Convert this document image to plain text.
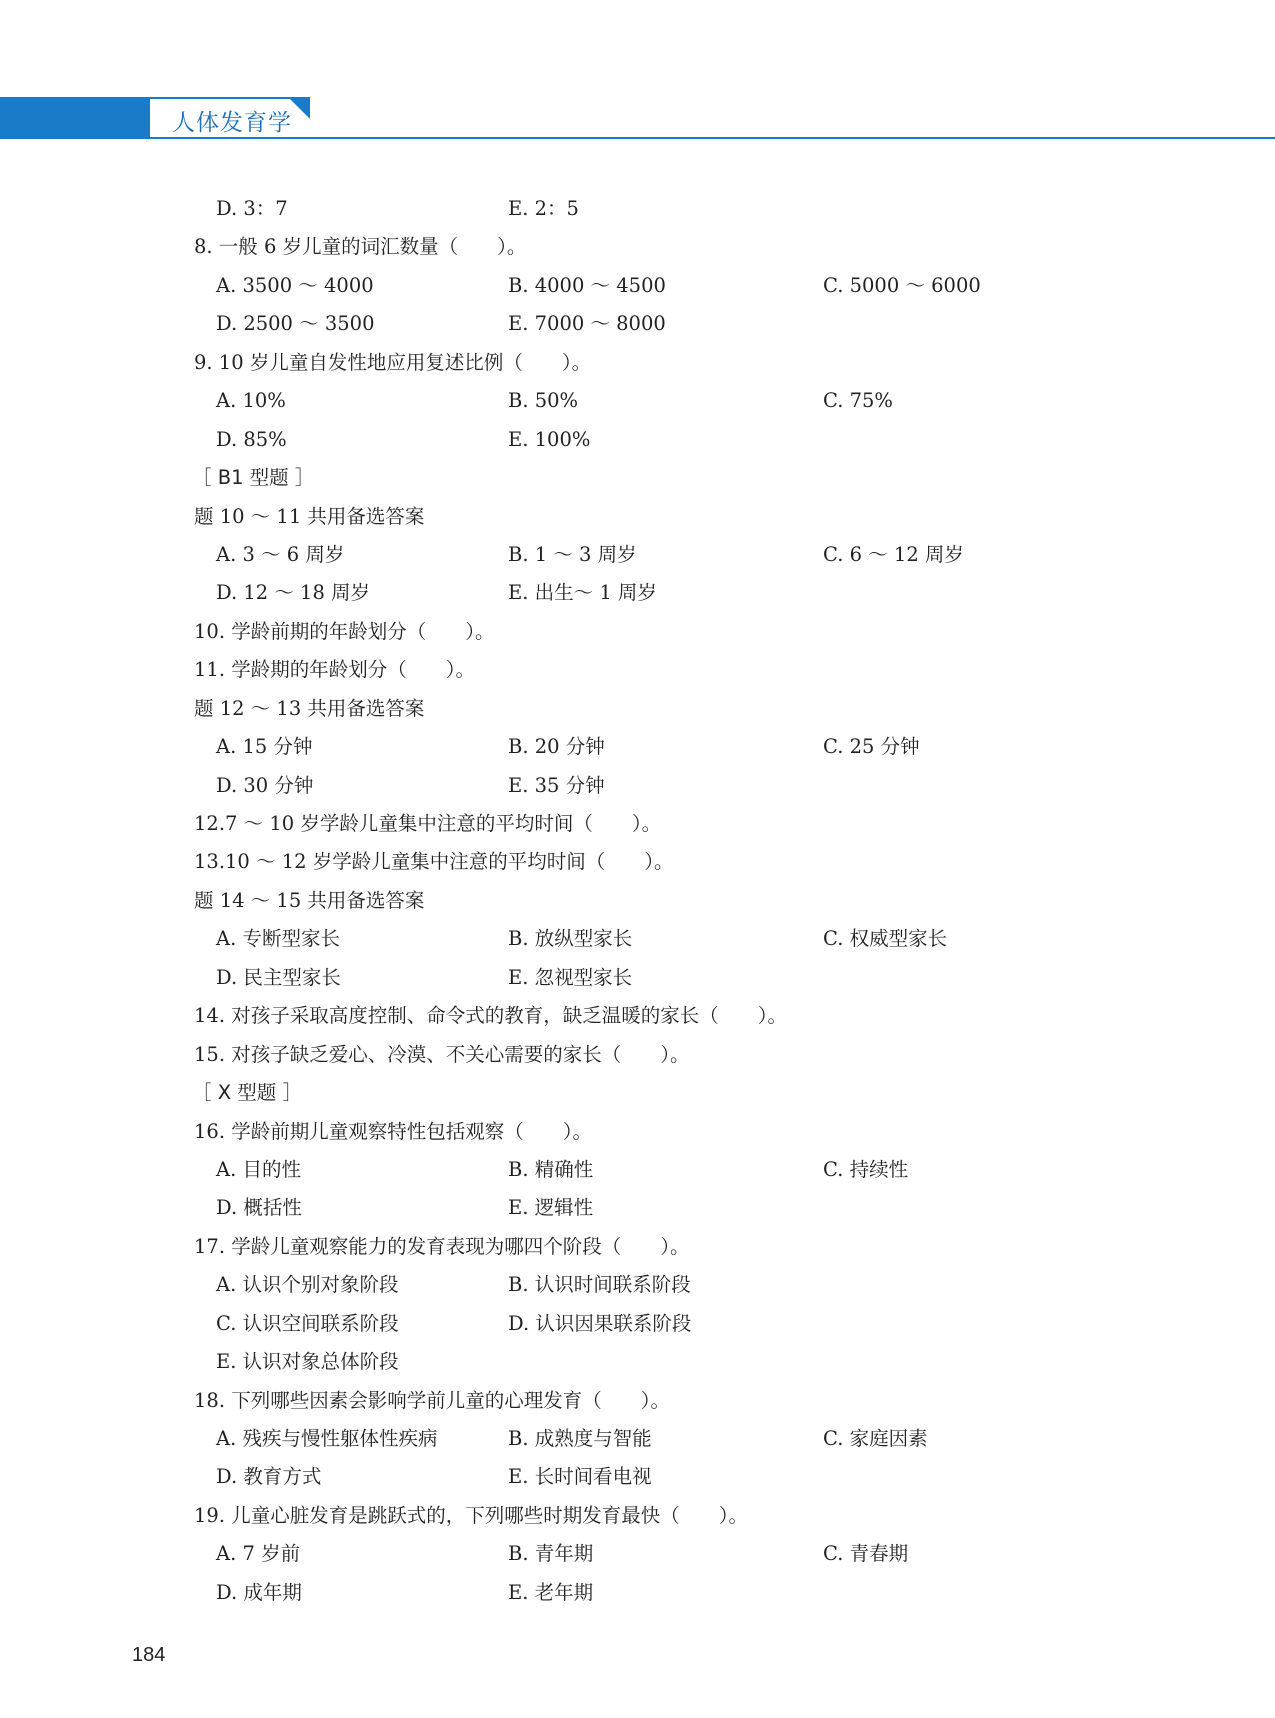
人体发育学
D. 3：7	E. 2：5
8. 一般 6 岁儿童的词汇数量（　　）。
A. 3500 ～ 4000	B. 4000 ～ 4500	C. 5000 ～ 6000
D. 2500 ～ 3500	E. 7000 ～ 8000
9. 10 岁儿童自发性地应用复述比例（　　）。
A. 10%	B. 50%	C. 75%
D. 85%	E. 100%
［ B1 型题 ］
题 10 ～ 11 共用备选答案
A. 3 ～ 6 周岁	B. 1 ～ 3 周岁	C. 6 ～ 12 周岁
D. 12 ～ 18 周岁	E. 出生～ 1 周岁
10. 学龄前期的年龄划分（　　）。
11. 学龄期的年龄划分（　　）。
题 12 ～ 13 共用备选答案
A. 15 分钟	B. 20 分钟	C. 25 分钟
D. 30 分钟	E. 35 分钟
12.7 ～ 10 岁学龄儿童集中注意的平均时间（　　）。
13.10 ～ 12 岁学龄儿童集中注意的平均时间（　　）。
题 14 ～ 15 共用备选答案
A. 专断型家长	B. 放纵型家长	C. 权威型家长
D. 民主型家长	E. 忽视型家长
14. 对孩子采取高度控制、命令式的教育，缺乏温暖的家长（　　）。
15. 对孩子缺乏爱心、冷漠、不关心需要的家长（　　）。
［ X 型题 ］
16. 学龄前期儿童观察特性包括观察（　　）。
A. 目的性	B. 精确性	C. 持续性
D. 概括性	E. 逻辑性
17. 学龄儿童观察能力的发育表现为哪四个阶段（　　）。
A. 认识个别对象阶段	B. 认识时间联系阶段
C. 认识空间联系阶段	D. 认识因果联系阶段
E. 认识对象总体阶段
18. 下列哪些因素会影响学前儿童的心理发育（　　）。
A. 残疾与慢性躯体性疾病	B. 成熟度与智能	C. 家庭因素
D. 教育方式	E. 长时间看电视
19. 儿童心脏发育是跳跃式的，下列哪些时期发育最快（　　）。
A. 7 岁前	B. 青年期	C. 青春期
D. 成年期	E. 老年期
184
